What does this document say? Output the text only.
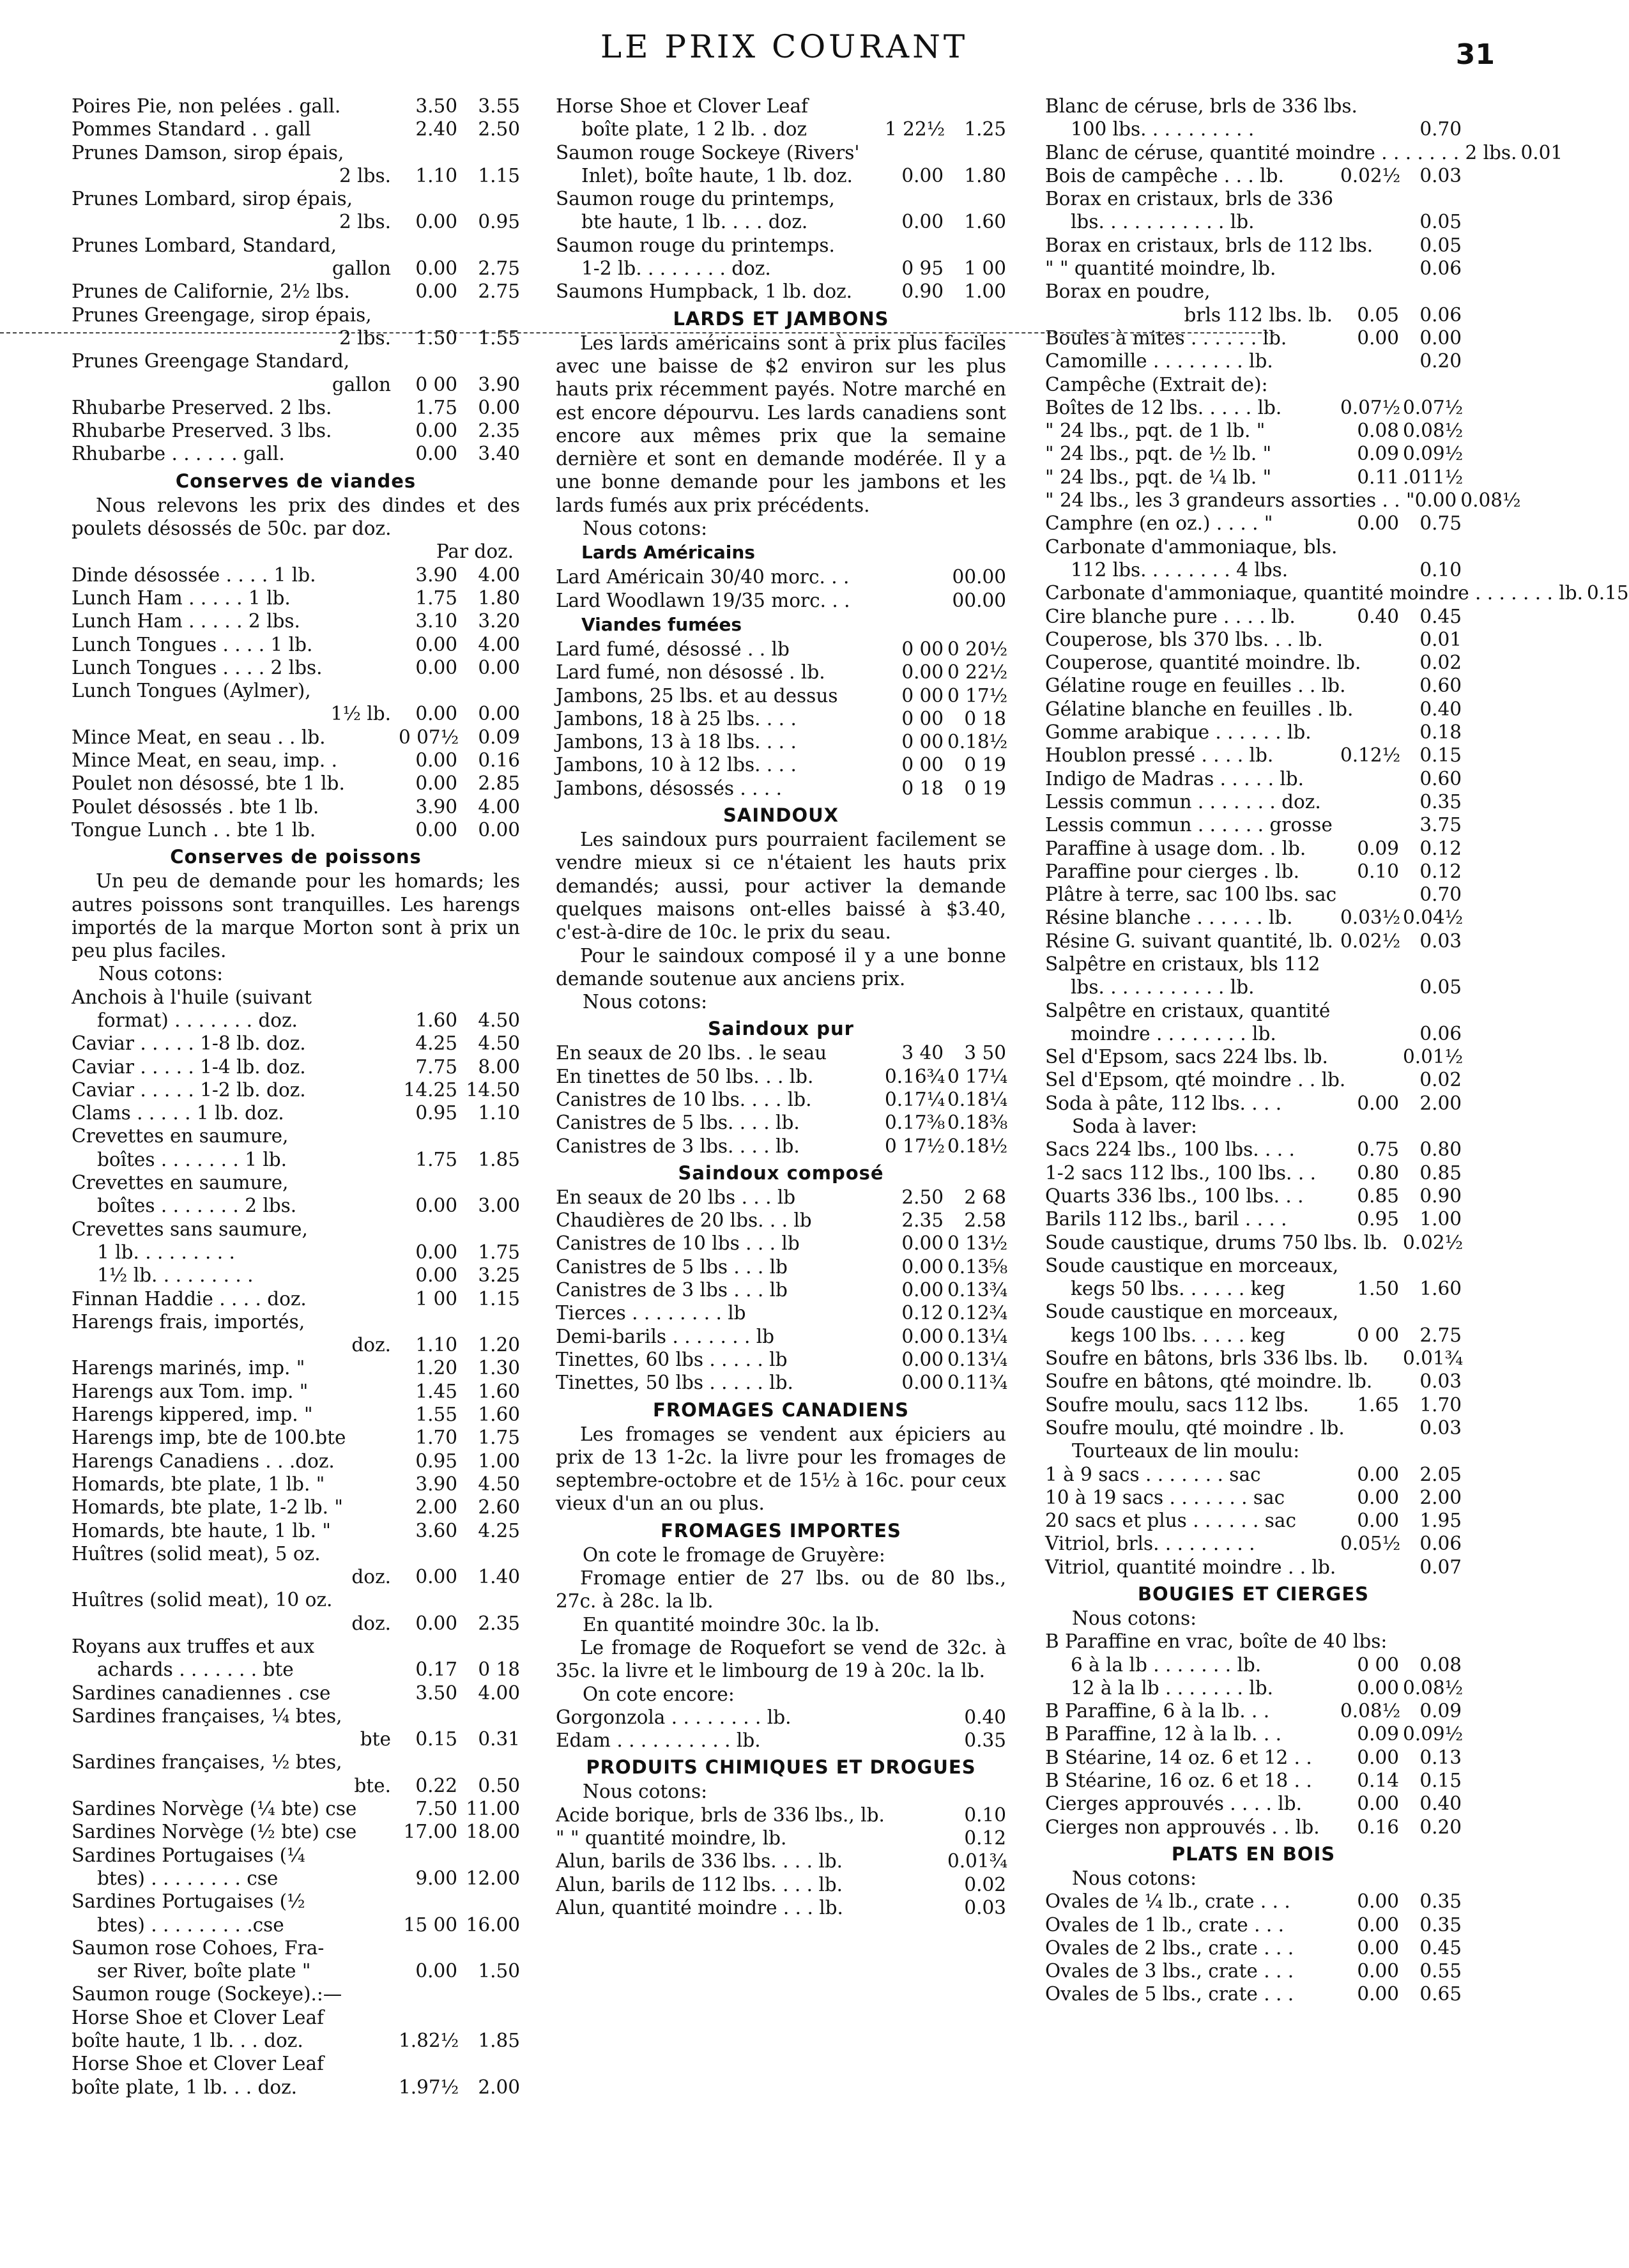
LE PRIX COURANT	31
Poires Pie, non pelées . gall.	3.50	3.55
Pommes Standard . . gall	2.40	2.50
Prunes Damson, sirop épais,
2 lbs.	1.10	1.15
Prunes Lombard, sirop épais,
2 lbs.	0.00	0.95
Prunes Lombard, Standard,
gallon	0.00	2.75
Prunes de Californie, 2½ lbs.	0.00	2.75
Prunes Greengage, sirop épais,
2 lbs.	1.50	1.55
Prunes Greengage Standard,
gallon	0 00	3.90
Rhubarbe Preserved. 2 lbs.	1.75	0.00
Rhubarbe Preserved. 3 lbs.	0.00	2.35
Rhubarbe . . . . . . gall.	0.00	3.40
Conserves de viandes
Nous relevons les prix des dindes et des poulets désossés de 50c. par doz.
Par doz.
Dinde désossée . . . . 1 lb.	3.90	4.00
Lunch Ham . . . . . 1 lb.	1.75	1.80
Lunch Ham . . . . . 2 lbs.	3.10	3.20
Lunch Tongues . . . . 1 lb.	0.00	4.00
Lunch Tongues . . . . 2 lbs.	0.00	0.00
Lunch Tongues (Aylmer),
1½ lb.	0.00	0.00
Mince Meat, en seau . . lb.	0 07½	0.09
Mince Meat, en seau, imp. .	0.00	0.16
Poulet non désossé, bte 1 lb.	0.00	2.85
Poulet désossés . bte 1 lb.	3.90	4.00
Tongue Lunch . . bte 1 lb.	0.00	0.00
Conserves de poissons
Un peu de demande pour les homards; les autres poissons sont tranquilles. Les harengs importés de la marque Morton sont à prix un peu plus faciles.
Nous cotons:
Anchois à l'huile (suivant
format) . . . . . . . doz.	1.60	4.50
Caviar . . . . . 1-8 lb. doz.	4.25	4.50
Caviar . . . . . 1-4 lb. doz.	7.75	8.00
Caviar . . . . . 1-2 lb. doz.	14.25 14.50
Clams . . . . . 1 lb. doz.	0.95	1.10
Crevettes en saumure,
boîtes . . . . . . . 1 lb.	1.75	1.85
Crevettes en saumure,
boîtes . . . . . . . 2 lbs.	0.00	3.00
Crevettes sans saumure,
1 lb. . . . . . . . .	0.00	1.75
1½ lb. . . . . . . . .	0.00	3.25
Finnan Haddie . . . . doz.	1 00	1.15
Harengs frais, importés,
doz.	1.10	1.20
Harengs marinés, imp. "	1.20	1.30
Harengs aux Tom. imp. "	1.45	1.60
Harengs kippered, imp. "	1.55	1.60
Harengs imp, bte de 100.bte	1.70	1.75
Harengs Canadiens . . .doz.	0.95	1.00
Homards, bte plate, 1 lb. "	3.90	4.50
Homards, bte plate, 1-2 lb. "	2.00	2.60
Homards, bte haute, 1 lb. "	3.60	4.25
Huîtres (solid meat), 5 oz.
doz.	0.00	1.40
Huîtres (solid meat), 10 oz.
doz.	0.00	2.35
Royans aux truffes et aux
achards . . . . . . . bte	0.17	0 18
Sardines canadiennes . cse	3.50	4.00
Sardines françaises, ¼ btes,
bte	0.15	0.31
Sardines françaises, ½ btes,
bte.	0.22	0.50
Sardines Norvège (¼ bte) cse	7.50 11.00
Sardines Norvège (½ bte) cse	17.00 18.00
Sardines Portugaises (¼
btes) . . . . . . . . cse	9.00 12.00
Sardines Portugaises (½
btes) . . . . . . . . .cse	15 00 16.00
Saumon rose Cohoes, Fra-
ser River, boîte plate "	0.00	1.50
Saumon rouge (Sockeye).:—
Horse Shoe et Clover Leaf
boîte haute, 1 lb. . . doz.	1.82½	1.85
Horse Shoe et Clover Leaf
boîte plate, 1 lb. . . doz.	1.97½	2.00
Horse Shoe et Clover Leaf
boîte plate, 1 2 lb. . doz	1 22½	1.25
Saumon rouge Sockeye (Rivers'
Inlet), boîte haute, 1 lb. doz.	0.00	1.80
Saumon rouge du printemps,
bte haute, 1 lb. . . . doz.	0.00	1.60
Saumon rouge du printemps.
1-2 lb. . . . . . . . doz.	0 95	1 00
Saumons Humpback, 1 lb. doz.	0.90	1.00
LARDS ET JAMBONS
Les lards américains sont à prix plus faciles avec une baisse de $2 environ sur les plus hauts prix récemment payés. Notre marché en est encore dépourvu. Les lards canadiens sont encore aux mêmes prix que la semaine dernière et sont en demande modérée. Il y a une bonne demande pour les jambons et les lards fumés aux prix précédents.
Nous cotons:
Lards Américains
Lard Américain 30/40 morc. . .	00.00
Lard Woodlawn 19/35 morc. . .	00.00
Viandes fumées
Lard fumé, désossé . . lb	0 00 0 20½
Lard fumé, non désossé . lb.	0.00 0 22½
Jambons, 25 lbs. et au dessus	0 00 0 17½
Jambons, 18 à 25 lbs. . . .	0 00	0 18
Jambons, 13 à 18 lbs. . . .	0 00 0.18½
Jambons, 10 à 12 lbs. . . .	0 00	0 19
Jambons, désossés . . . .	0 18	0 19
SAINDOUX
Les saindoux purs pourraient facilement se vendre mieux si ce n'étaient les hauts prix demandés; aussi, pour activer la demande quelques maisons ont-elles baissé à $3.40, c'est-à-dire de 10c. le prix du seau.
Pour le saindoux composé il y a une bonne demande soutenue aux anciens prix.
Nous cotons:
Saindoux pur
En seaux de 20 lbs. . le seau	3 40	3 50
En tinettes de 50 lbs. . . lb.	0.16¾ 0 17¼
Canistres de 10 lbs. . . . lb.	0.17¼ 0.18¼
Canistres de 5 lbs. . . . lb.	0.17⅜ 0.18⅜
Canistres de 3 lbs. . . . lb.	0 17½ 0.18½
Saindoux composé
En seaux de 20 lbs . . . lb	2.50	2 68
Chaudières de 20 lbs. . . lb	2.35	2.58
Canistres de 10 lbs . . . lb	0.00 0 13½
Canistres de 5 lbs . . . lb	0.00 0.13⅝
Canistres de 3 lbs . . . lb	0.00 0.13¾
Tierces . . . . . . . . lb	0.12 0.12¾
Demi-barils . . . . . . . lb	0.00 0.13¼
Tinettes, 60 lbs . . . . . lb	0.00 0.13¼
Tinettes, 50 lbs . . . . . lb.	0.00 0.11¾
FROMAGES CANADIENS
Les fromages se vendent aux épiciers au prix de 13 1-2c. la livre pour les fromages de septembre-octobre et de 15½ à 16c. pour ceux vieux d'un an ou plus.
FROMAGES IMPORTES
On cote le fromage de Gruyère:
Fromage entier de 27 lbs. ou de 80 lbs., 27c. à 28c. la lb.
En quantité moindre 30c. la lb.
Le fromage de Roquefort se vend de 32c. à 35c. la livre et le limbourg de 19 à 20c. la lb.
On cote encore:
Gorgonzola . . . . . . . . lb.	0.40
Edam . . . . . . . . . . lb.	0.35
PRODUITS CHIMIQUES ET DROGUES
Nous cotons:
Acide borique, brls de 336 lbs., lb.	0.10
" " quantité moindre, lb.	0.12
Alun, barils de 336 lbs. . . . lb.	0.01¾
Alun, barils de 112 lbs. . . . lb.	0.02
Alun, quantité moindre . . . lb.	0.03
Blanc de céruse, brls de 336 lbs.
100 lbs. . . . . . . . . .	0.70
Blanc de céruse, quantité moindre . . . . . . . 2 lbs. 0.01
Bois de campêche . . . lb.	0.02½	0.03
Borax en cristaux, brls de 336
lbs. . . . . . . . . . . lb.	0.05
Borax en cristaux, brls de 112 lbs. 0.05
" " quantité moindre, lb.	0.06
Borax en poudre,
brls 112 lbs. lb.	0.05	0.06
Boules à mites . . . . . . lb.	0.00	0.00
Camomille . . . . . . . . lb.	0.20
Campêche (Extrait de):
Boîtes de 12 lbs. . . . . lb.	0.07½ 0.07½
" 24 lbs., pqt. de 1 lb. "	0.08 0.08½
" 24 lbs., pqt. de ½ lb. "	0.09 0.09½
" 24 lbs., pqt. de ¼ lb. "	0.11 .011½
" 24 lbs., les 3 grandeurs assorties . . " 0.00 0.08½
Camphre (en oz.) . . . . "	0.00	0.75
Carbonate d'ammoniaque, bls.
112 lbs. . . . . . . . 4 lbs.	0.10
Carbonate d'ammoniaque, quantité moindre . . . . . . . lb. 0.15
Cire blanche pure . . . . lb.	0.40	0.45
Couperose, bls 370 lbs. . . lb.	0.01
Couperose, quantité moindre. lb.	0.02
Gélatine rouge en feuilles . . lb.	0.60
Gélatine blanche en feuilles . lb.	0.40
Gomme arabique . . . . . . lb.	0.18
Houblon pressé . . . . lb.	0.12½	0.15
Indigo de Madras . . . . . lb.	0.60
Lessis commun . . . . . . . doz.	0.35
Lessis commun . . . . . . grosse	3.75
Paraffine à usage dom. . lb.	0.09	0.12
Paraffine pour cierges . lb.	0.10	0.12
Plâtre à terre, sac 100 lbs. sac	0.70
Résine blanche . . . . . . lb.	0.03½ 0.04½
Résine G. suivant quantité, lb. 0.02½	0.03
Salpêtre en cristaux, bls 112
lbs. . . . . . . . . . . lb.	0.05
Salpêtre en cristaux, quantité
moindre . . . . . . . . lb.	0.06
Sel d'Epsom, sacs 224 lbs. lb.	0.01½
Sel d'Epsom, qté moindre . . lb.	0.02
Soda à pâte, 112 lbs. . . .	0.00	2.00
Soda à laver:
Sacs 224 lbs., 100 lbs. . . .	0.75	0.80
1-2 sacs 112 lbs., 100 lbs. . .	0.80	0.85
Quarts 336 lbs., 100 lbs. . .	0.85	0.90
Barils 112 lbs., baril . . . .	0.95	1.00
Soude caustique, drums 750 lbs. lb. 0.02½
Soude caustique en morceaux,
kegs 50 lbs. . . . . . keg	1.50	1.60
Soude caustique en morceaux,
kegs 100 lbs. . . . . keg	0 00	2.75
Soufre en bâtons, brls 336 lbs. lb. 0.01¾
Soufre en bâtons, qté moindre. lb.	0.03
Soufre moulu, sacs 112 lbs.	1.65	1.70
Soufre moulu, qté moindre . lb.	0.03
Tourteaux de lin moulu:
1 à 9 sacs . . . . . . . sac	0.00	2.05
10 à 19 sacs . . . . . . . sac	0.00	2.00
20 sacs et plus . . . . . . sac	0.00	1.95
Vitriol, brls. . . . . . . . .	0.05½	0.06
Vitriol, quantité moindre . . lb.	0.07
BOUGIES ET CIERGES
Nous cotons:
B Paraffine en vrac, boîte de 40 lbs:
6 à la lb . . . . . . . lb.	0 00	0.08
12 à la lb . . . . . . . lb.	0.00 0.08½
B Paraffine, 6 à la lb. . .	0.08½	0.09
B Paraffine, 12 à la lb. . .	0.09 0.09½
B Stéarine, 14 oz. 6 et 12 . .	0.00	0.13
B Stéarine, 16 oz. 6 et 18 . .	0.14	0.15
Cierges approuvés . . . . lb.	0.00	0.40
Cierges non approuvés . . lb.	0.16	0.20
PLATS EN BOIS
Nous cotons:
Ovales de ¼ lb., crate . . .	0.00	0.35
Ovales de 1 lb., crate . . .	0.00	0.35
Ovales de 2 lbs., crate . . .	0.00	0.45
Ovales de 3 lbs., crate . . .	0.00	0.55
Ovales de 5 lbs., crate . . .	0.00	0.65
